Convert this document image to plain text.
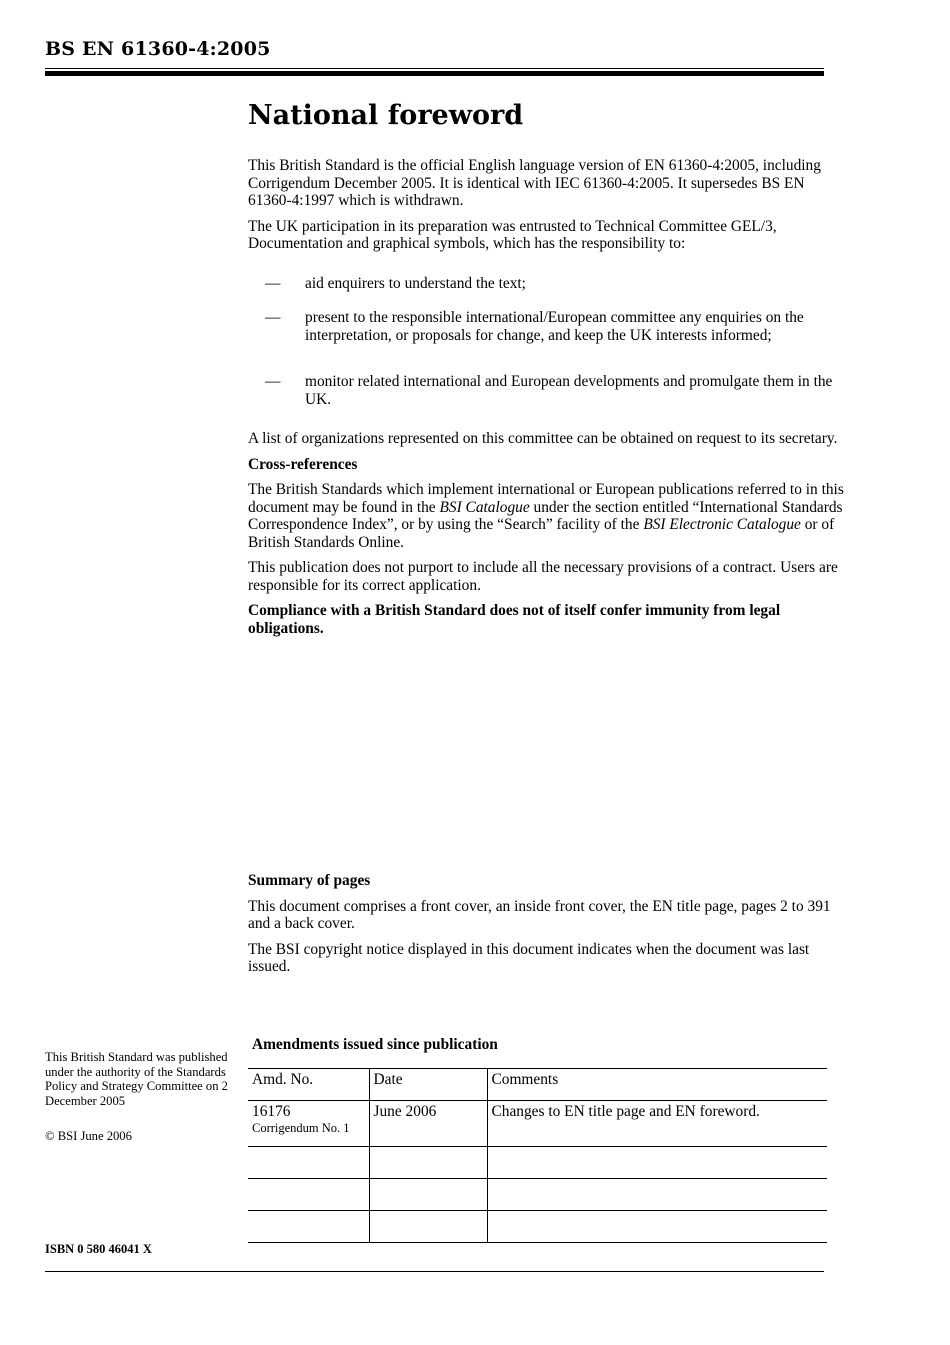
BS EN 61360-4:2005
National foreword

This British Standard is the official English language version of EN 61360-4:2005, including Corrigendum December 2005. It is identical with IEC 61360-4:2005. It supersedes BS EN 61360-4:1997 which is withdrawn.

The UK participation in its preparation was entrusted to Technical Committee GEL/3, Documentation and graphical symbols, which has the responsibility to:

—	aid enquirers to understand the text;
—	present to the responsible international/European committee any enquiries on the interpretation, or proposals for change, and keep the UK interests informed;
—	monitor related international and European developments and promulgate them in the UK.

A list of organizations represented on this committee can be obtained on request to its secretary.

Cross-references

The British Standards which implement international or European publications referred to in this document may be found in the BSI Catalogue under the section entitled “International Standards Correspondence Index”, or by using the “Search” facility of the BSI Electronic Catalogue or of British Standards Online.

This publication does not purport to include all the necessary provisions of a contract. Users are responsible for its correct application.

Compliance with a British Standard does not of itself confer immunity from legal obligations.

Summary of pages

This document comprises a front cover, an inside front cover, the EN title page, pages 2 to 391 and a back cover.

The BSI copyright notice displayed in this document indicates when the document was last issued.

This British Standard was published under the authority of the Standards Policy and Strategy Committee on 2 December 2005

© BSI June 2006

ISBN 0 580 46041 X
Amendments issued since publication
Amd. No.	Date	Comments
16176
Corrigendum No. 1	June 2006	Changes to EN title page and EN foreword.
